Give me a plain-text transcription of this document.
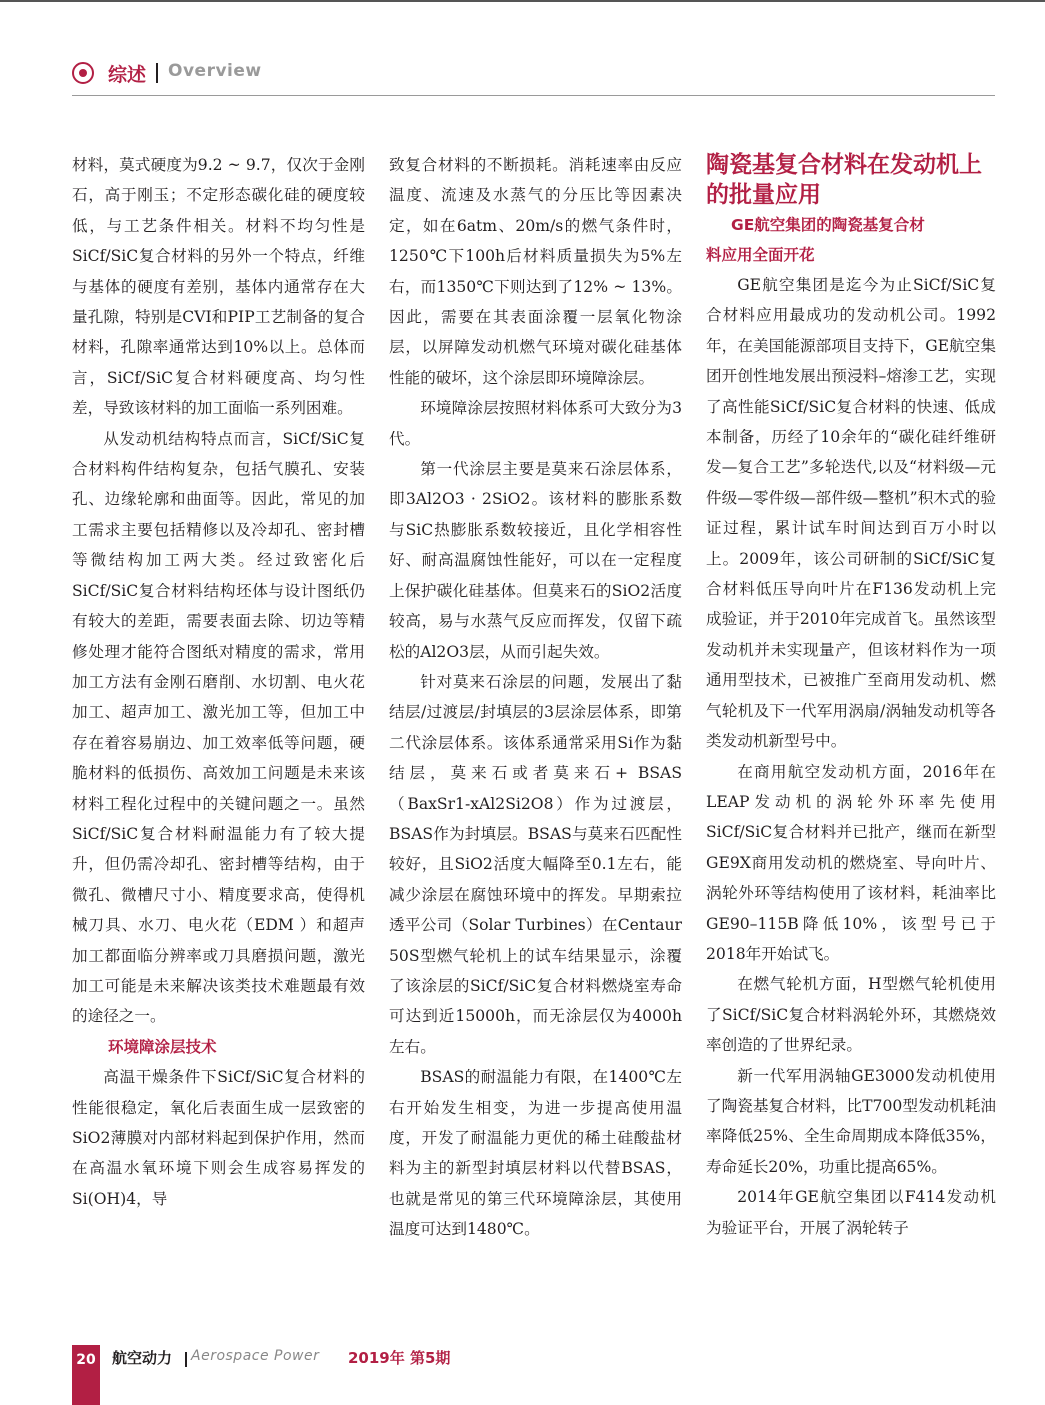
综述 Overview

材料，莫式硬度为9.2 ~ 9.7，仅次于金刚石，高于刚玉；不定形态碳化硅的硬度较低，与工艺条件相关。材料不均匀性是SiCf/SiC复合材料的另外一个特点，纤维与基体的硬度有差别，基体内通常存在大量孔隙，特别是CVI和PIP工艺制备的复合材料，孔隙率通常达到10%以上。总体而言，SiCf/SiC复合材料硬度高、均匀性差，导致该材料的加工面临一系列困难。

从发动机结构特点而言，SiCf/SiC复合材料构件结构复杂，包括气膜孔、安装孔、边缘轮廓和曲面等。因此，常见的加工需求主要包括精修以及冷却孔、密封槽等微结构加工两大类。经过致密化后SiCf/SiC复合材料结构坯体与设计图纸仍有较大的差距，需要表面去除、切边等精修处理才能符合图纸对精度的需求，常用加工方法有金刚石磨削、水切割、电火花加工、超声加工、激光加工等，但加工中存在着容易崩边、加工效率低等问题，硬脆材料的低损伤、高效加工问题是未来该材料工程化过程中的关键问题之一。虽然SiCf/SiC复合材料耐温能力有了较大提升，但仍需冷却孔、密封槽等结构，由于微孔、微槽尺寸小、精度要求高，使得机械刀具、水刀、电火花（EDM ）和超声加工都面临分辨率或刀具磨损问题，激光加工可能是未来解决该类技术难题最有效的途径之一。

环境障涂层技术

高温干燥条件下SiCf/SiC复合材料的性能很稳定，氧化后表面生成一层致密的SiO2薄膜对内部材料起到保护作用，然而在高温水氧环境下则会生成容易挥发的Si(OH)4，导

致复合材料的不断损耗。消耗速率由反应温度、流速及水蒸气的分压比等因素决定，如在6atm、20m/s的燃气条件时，1250℃下100h后材料质量损失为5%左右，而1350℃下则达到了12% ~ 13%。因此，需要在其表面涂覆一层氧化物涂层，以屏障发动机燃气环境对碳化硅基体性能的破坏，这个涂层即环境障涂层。

环境障涂层按照材料体系可大致分为3代。

第一代涂层主要是莫来石涂层体系，即3Al2O3 · 2SiO2。该材料的膨胀系数与SiC热膨胀系数较接近，且化学相容性好、耐高温腐蚀性能好，可以在一定程度上保护碳化硅基体。但莫来石的SiO2活度较高，易与水蒸气反应而挥发，仅留下疏松的Al2O3层，从而引起失效。

针对莫来石涂层的问题，发展出了黏结层/过渡层/封填层的3层涂层体系，即第二代涂层体系。该体系通常采用Si作为黏结层，莫来石或者莫来石+ BSAS（BaxSr1-xAl2Si2O8）作为过渡层，BSAS作为封填层。BSAS与莫来石匹配性较好，且SiO2活度大幅降至0.1左右，能减少涂层在腐蚀环境中的挥发。早期索拉透平公司（Solar Turbines）在Centaur 50S型燃气轮机上的试车结果显示，涂覆了该涂层的SiCf/SiC复合材料燃烧室寿命可达到近15000h，而无涂层仅为4000h左右。

BSAS的耐温能力有限，在1400℃左右开始发生相变，为进一步提高使用温度，开发了耐温能力更优的稀土硅酸盐材料为主的新型封填层材料以代替BSAS，也就是常见的第三代环境障涂层，其使用温度可达到1480℃。

陶瓷基复合材料在发动机上的批量应用

GE航空集团的陶瓷基复合材
料应用全面开花

GE航空集团是迄今为止SiCf/SiC复合材料应用最成功的发动机公司。1992年，在美国能源部项目支持下，GE航空集团开创性地发展出预浸料–熔渗工艺，实现了高性能SiCf/SiC复合材料的快速、低成本制备，历经了10余年的“碳化硅纤维研发—复合工艺”多轮迭代,以及“材料级—元件级—零件级—部件级—整机”积木式的验证过程，累计试车时间达到百万小时以上。2009年，该公司研制的SiCf/SiC复合材料低压导向叶片在F136发动机上完成验证，并于2010年完成首飞。虽然该型发动机并未实现量产，但该材料作为一项通用型技术，已被推广至商用发动机、燃气轮机及下一代军用涡扇/涡轴发动机等各类发动机新型号中。

在商用航空发动机方面，2016年在LEAP发动机的涡轮外环率先使用SiCf/SiC复合材料并已批产，继而在新型GE9X商用发动机的燃烧室、导向叶片、涡轮外环等结构使用了该材料，耗油率比GE90–115B降低10%，该型号已于2018年开始试飞。

在燃气轮机方面，H型燃气轮机使用了SiCf/SiC复合材料涡轮外环，其燃烧效率创造的了世界纪录。

新一代军用涡轴GE3000发动机使用了陶瓷基复合材料，比T700型发动机耗油率降低25%、全生命周期成本降低35%，寿命延长20%，功重比提高65%。

2014年GE航空集团以F414发动机为验证平台，开展了涡轮转子

20 航空动力 Aerospace Power 2019年 第5期
